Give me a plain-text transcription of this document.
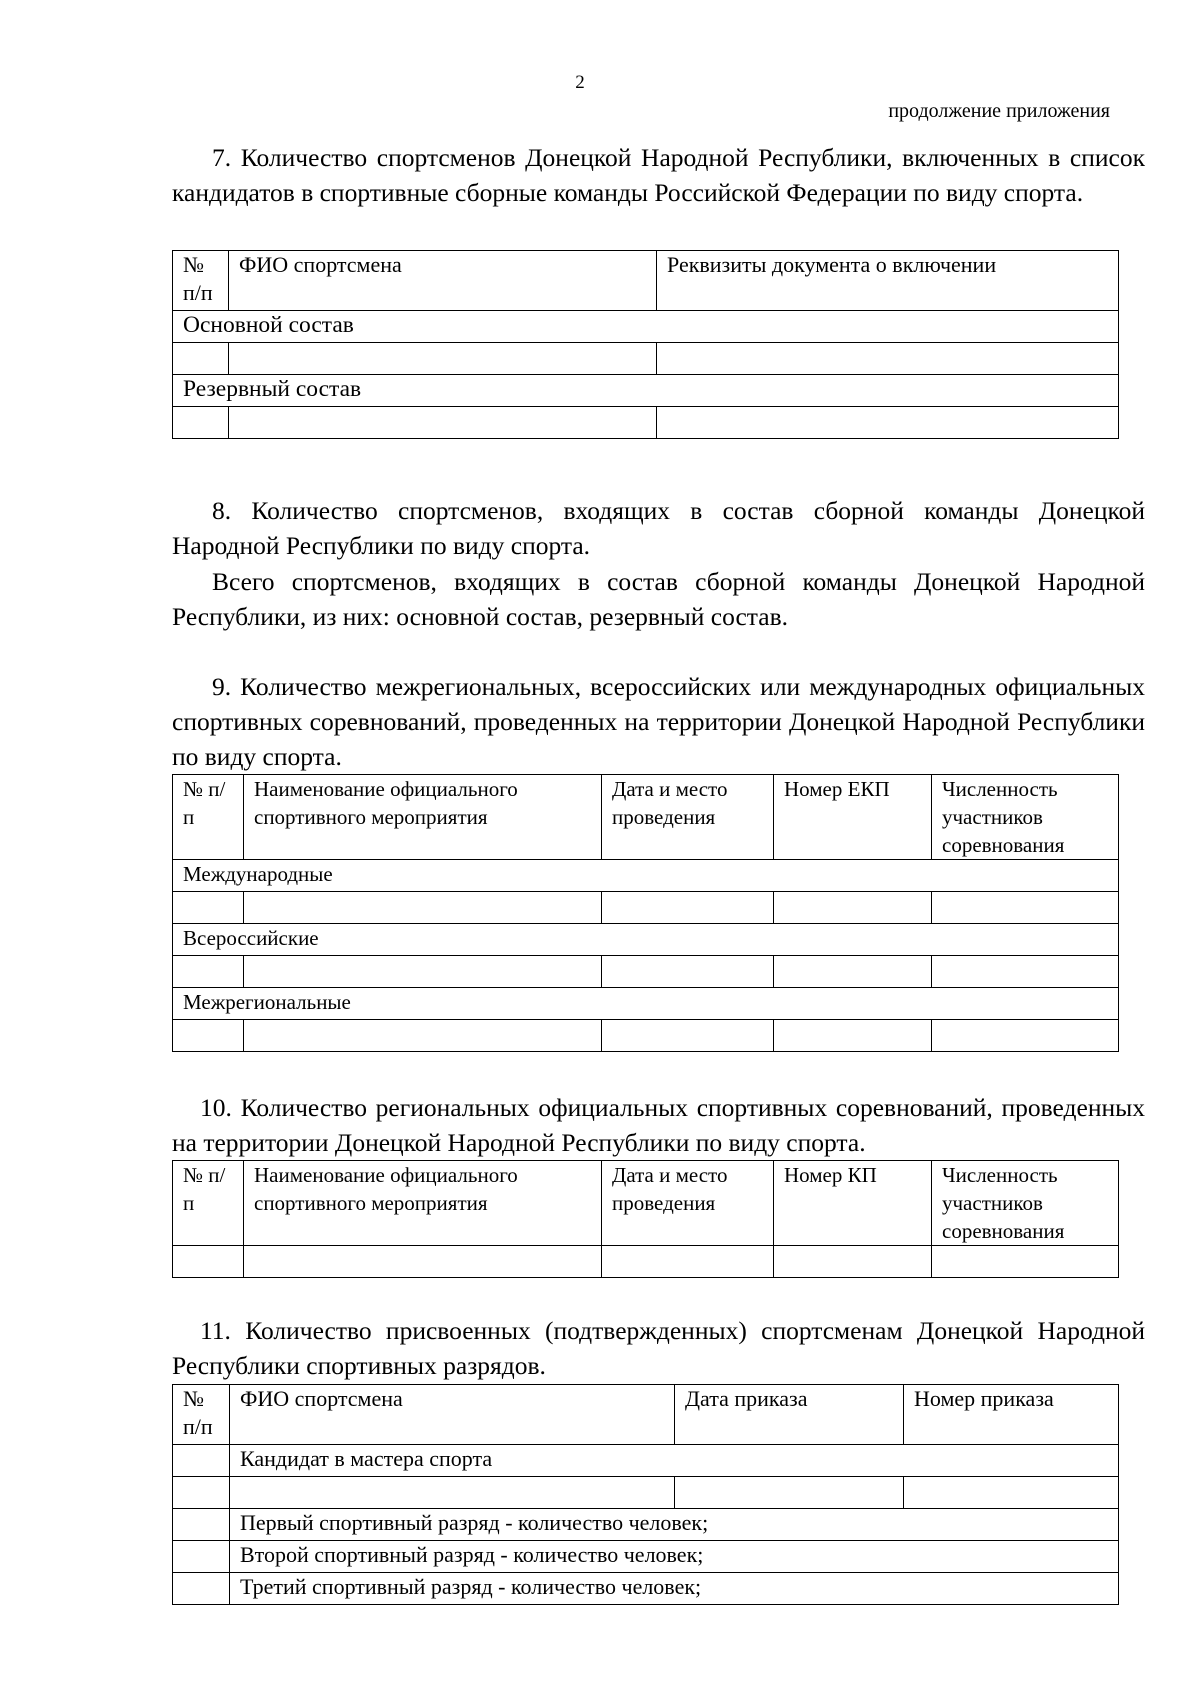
2
продолжение приложения
7. Количество спортсменов Донецкой Народной Республики, включенных в список кандидатов в спортивные сборные команды Российской Федерации по виду спорта.
№ п/п	ФИО спортсмена	Реквизиты документа о включении
Основной состав		

Резервный состав		

8. Количество спортсменов, входящих в состав сборной команды Донецкой Народной Республики по виду спорта.
Всего спортсменов, входящих в состав сборной команды Донецкой Народной Республики, из них: основной состав, резервный состав.
9. Количество межрегиональных, всероссийских или международных официальных спортивных соревнований, проведенных на территории Донецкой Народной Республики по виду спорта.
№ п/п	Наименование официального спортивного мероприятия	Дата и место проведения	Номер ЕКП	Численность участников соревнования
Международные				

Всероссийские				

Межрегиональные				

10. Количество региональных официальных спортивных соревнований, проведенных на территории Донецкой Народной Республики по виду спорта.
№ п/п	Наименование официального спортивного мероприятия	Дата и место проведения	Номер КП	Численность участников соревнования

11. Количество присвоенных (подтвержденных) спортсменам Донецкой Народной Республики спортивных разрядов.
№ п/п	ФИО спортсмена	Дата приказа	Номер приказа
	Кандидат в мастера спорта		

	Первый спортивный разряд - количество человек;		
	Второй спортивный разряд - количество человек;		
	Третий спортивный разряд - количество человек;		
